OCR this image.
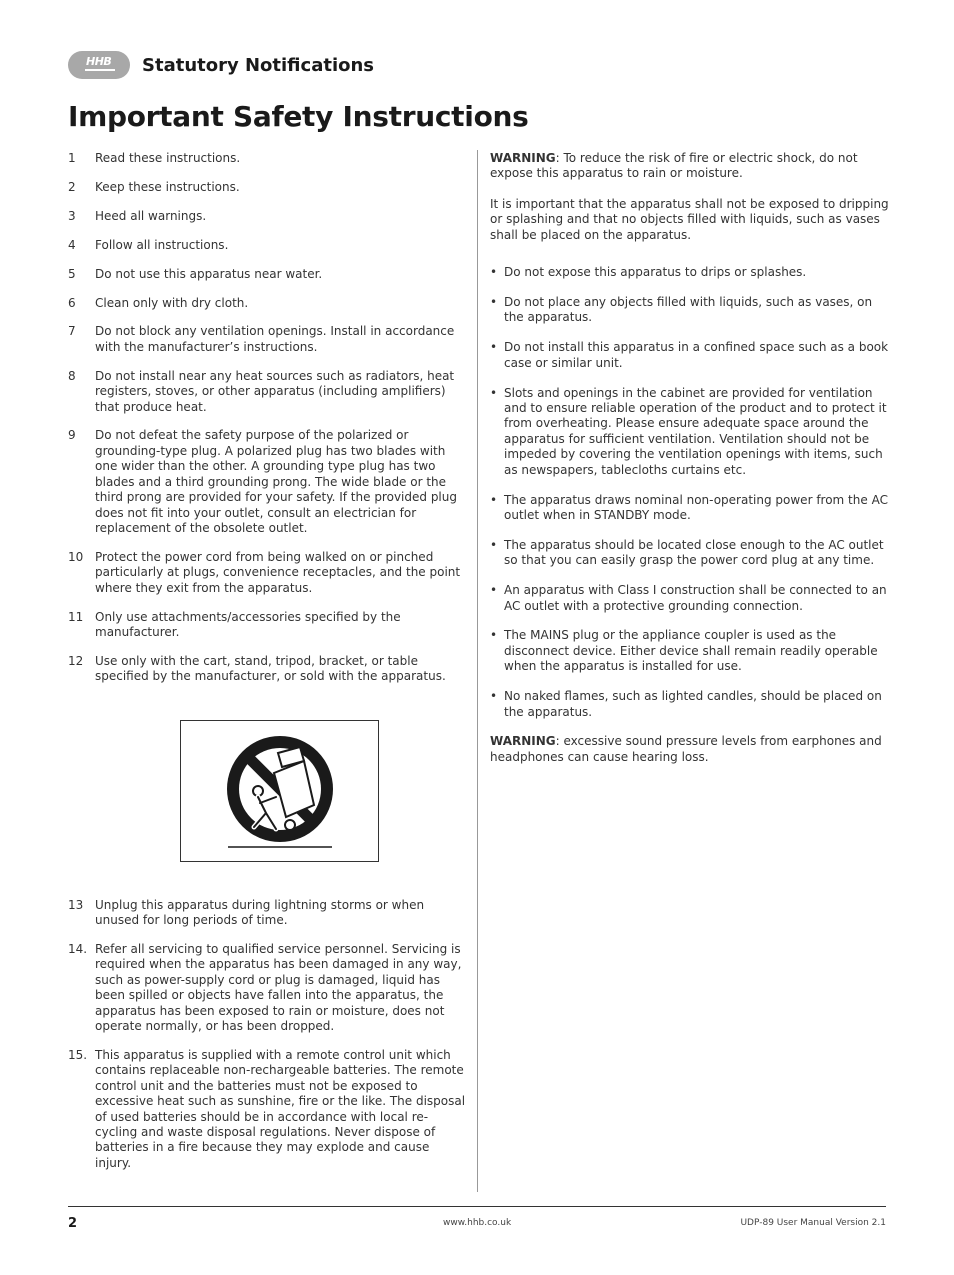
HHB Statutory Notifications
Important Safety Instructions
1	Read these instructions.
2	Keep these instructions.
3	Heed all warnings.
4	Follow all instructions.
5	Do not use this apparatus near water.
6	Clean only with dry cloth.
7	Do not block any ventilation openings. Install in accordance with the manufacturer’s instructions.
8	Do not install near any heat sources such as radiators, heat registers, stoves, or other apparatus (including amplifiers) that produce heat.
9	Do not defeat the safety purpose of the polarized or grounding-type plug. A polarized plug has two blades with one wider than the other. A grounding type plug has two blades and a third grounding prong. The wide blade or the third prong are provided for your safety. If the provided plug does not fit into your outlet, consult an electrician for replacement of the obsolete outlet.
10 Protect the power cord from being walked on or pinched particularly at plugs, convenience receptacles, and the point where they exit from the apparatus.
11 Only use attachments/accessories specified by the manufacturer.
12 Use only with the cart, stand, tripod, bracket, or table specified by the manufacturer, or sold with the apparatus.
13 Unplug this apparatus during lightning storms or when unused for long periods of time.
14. Refer all servicing to qualified service personnel. Servicing is required when the apparatus has been damaged in any way, such as power-supply cord or plug is damaged, liquid has been spilled or objects have fallen into the apparatus, the apparatus has been exposed to rain or moisture, does not operate normally, or has been dropped.
15. This apparatus is supplied with a remote control unit which contains replaceable non-rechargeable batteries. The remote control unit and the batteries must not be exposed to excessive heat such as sunshine, fire or the like. The disposal of used batteries should be in accordance with local re-cycling and waste disposal regulations. Never dispose of batteries in a fire because they may explode and cause injury.

WARNING: To reduce the risk of fire or electric shock, do not expose this apparatus to rain or moisture.

It is important that the apparatus shall not be exposed to dripping or splashing and that no objects filled with liquids, such as vases shall be placed on the apparatus.

• Do not expose this apparatus to drips or splashes.
• Do not place any objects filled with liquids, such as vases, on the apparatus.
• Do not install this apparatus in a confined space such as a book case or similar unit.
• Slots and openings in the cabinet are provided for ventilation and to ensure reliable operation of the product and to protect it from overheating. Please ensure adequate space around the apparatus for sufficient ventilation. Ventilation should not be impeded by covering the ventilation openings with items, such as newspapers, tablecloths curtains etc.
• The apparatus draws nominal non-operating power from the AC outlet when in STANDBY mode.
• The apparatus should be located close enough to the AC outlet so that you can easily grasp the power cord plug at any time.
• An apparatus with Class I construction shall be connected to an AC outlet with a protective grounding connection.
• The MAINS plug or the appliance coupler is used as the disconnect device. Either device shall remain readily operable when the apparatus is installed for use.
• No naked flames, such as lighted candles, should be placed on the apparatus.

WARNING: excessive sound pressure levels from earphones and headphones can cause hearing loss.

2	www.hhb.co.uk	UDP-89 User Manual Version 2.1
